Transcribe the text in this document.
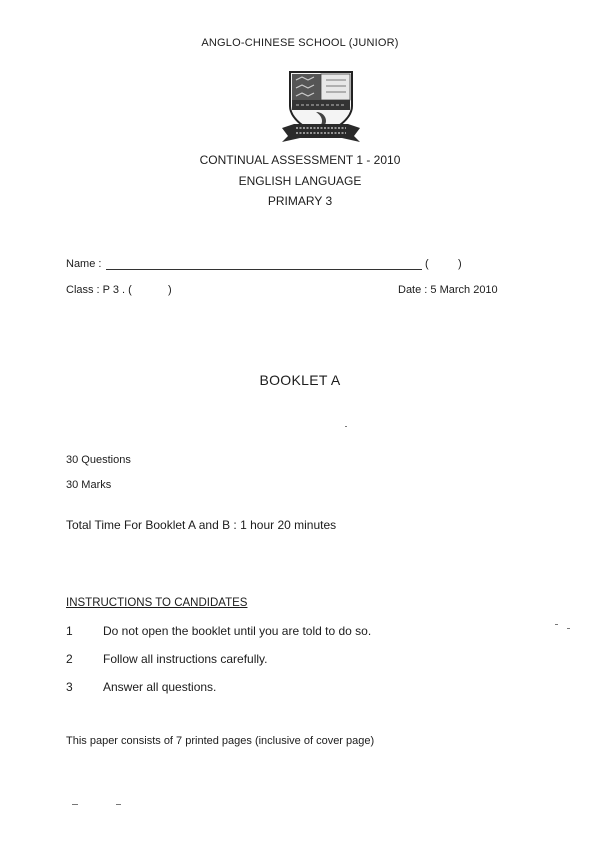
ANGLO-CHINESE SCHOOL (JUNIOR)
CONTINUAL ASSESSMENT 1 - 2010
ENGLISH LANGUAGE
PRIMARY 3
Name :	(	)
Class : P 3 . (	)	Date : 5 March 2010
BOOKLET A
30 Questions
30 Marks
Total Time For Booklet A and B : 1 hour 20 minutes
INSTRUCTIONS TO CANDIDATES
1	Do not open the booklet until you are told to do so.
2	Follow all instructions carefully.
3	Answer all questions.
This paper consists of 7 printed pages (inclusive of cover page)
